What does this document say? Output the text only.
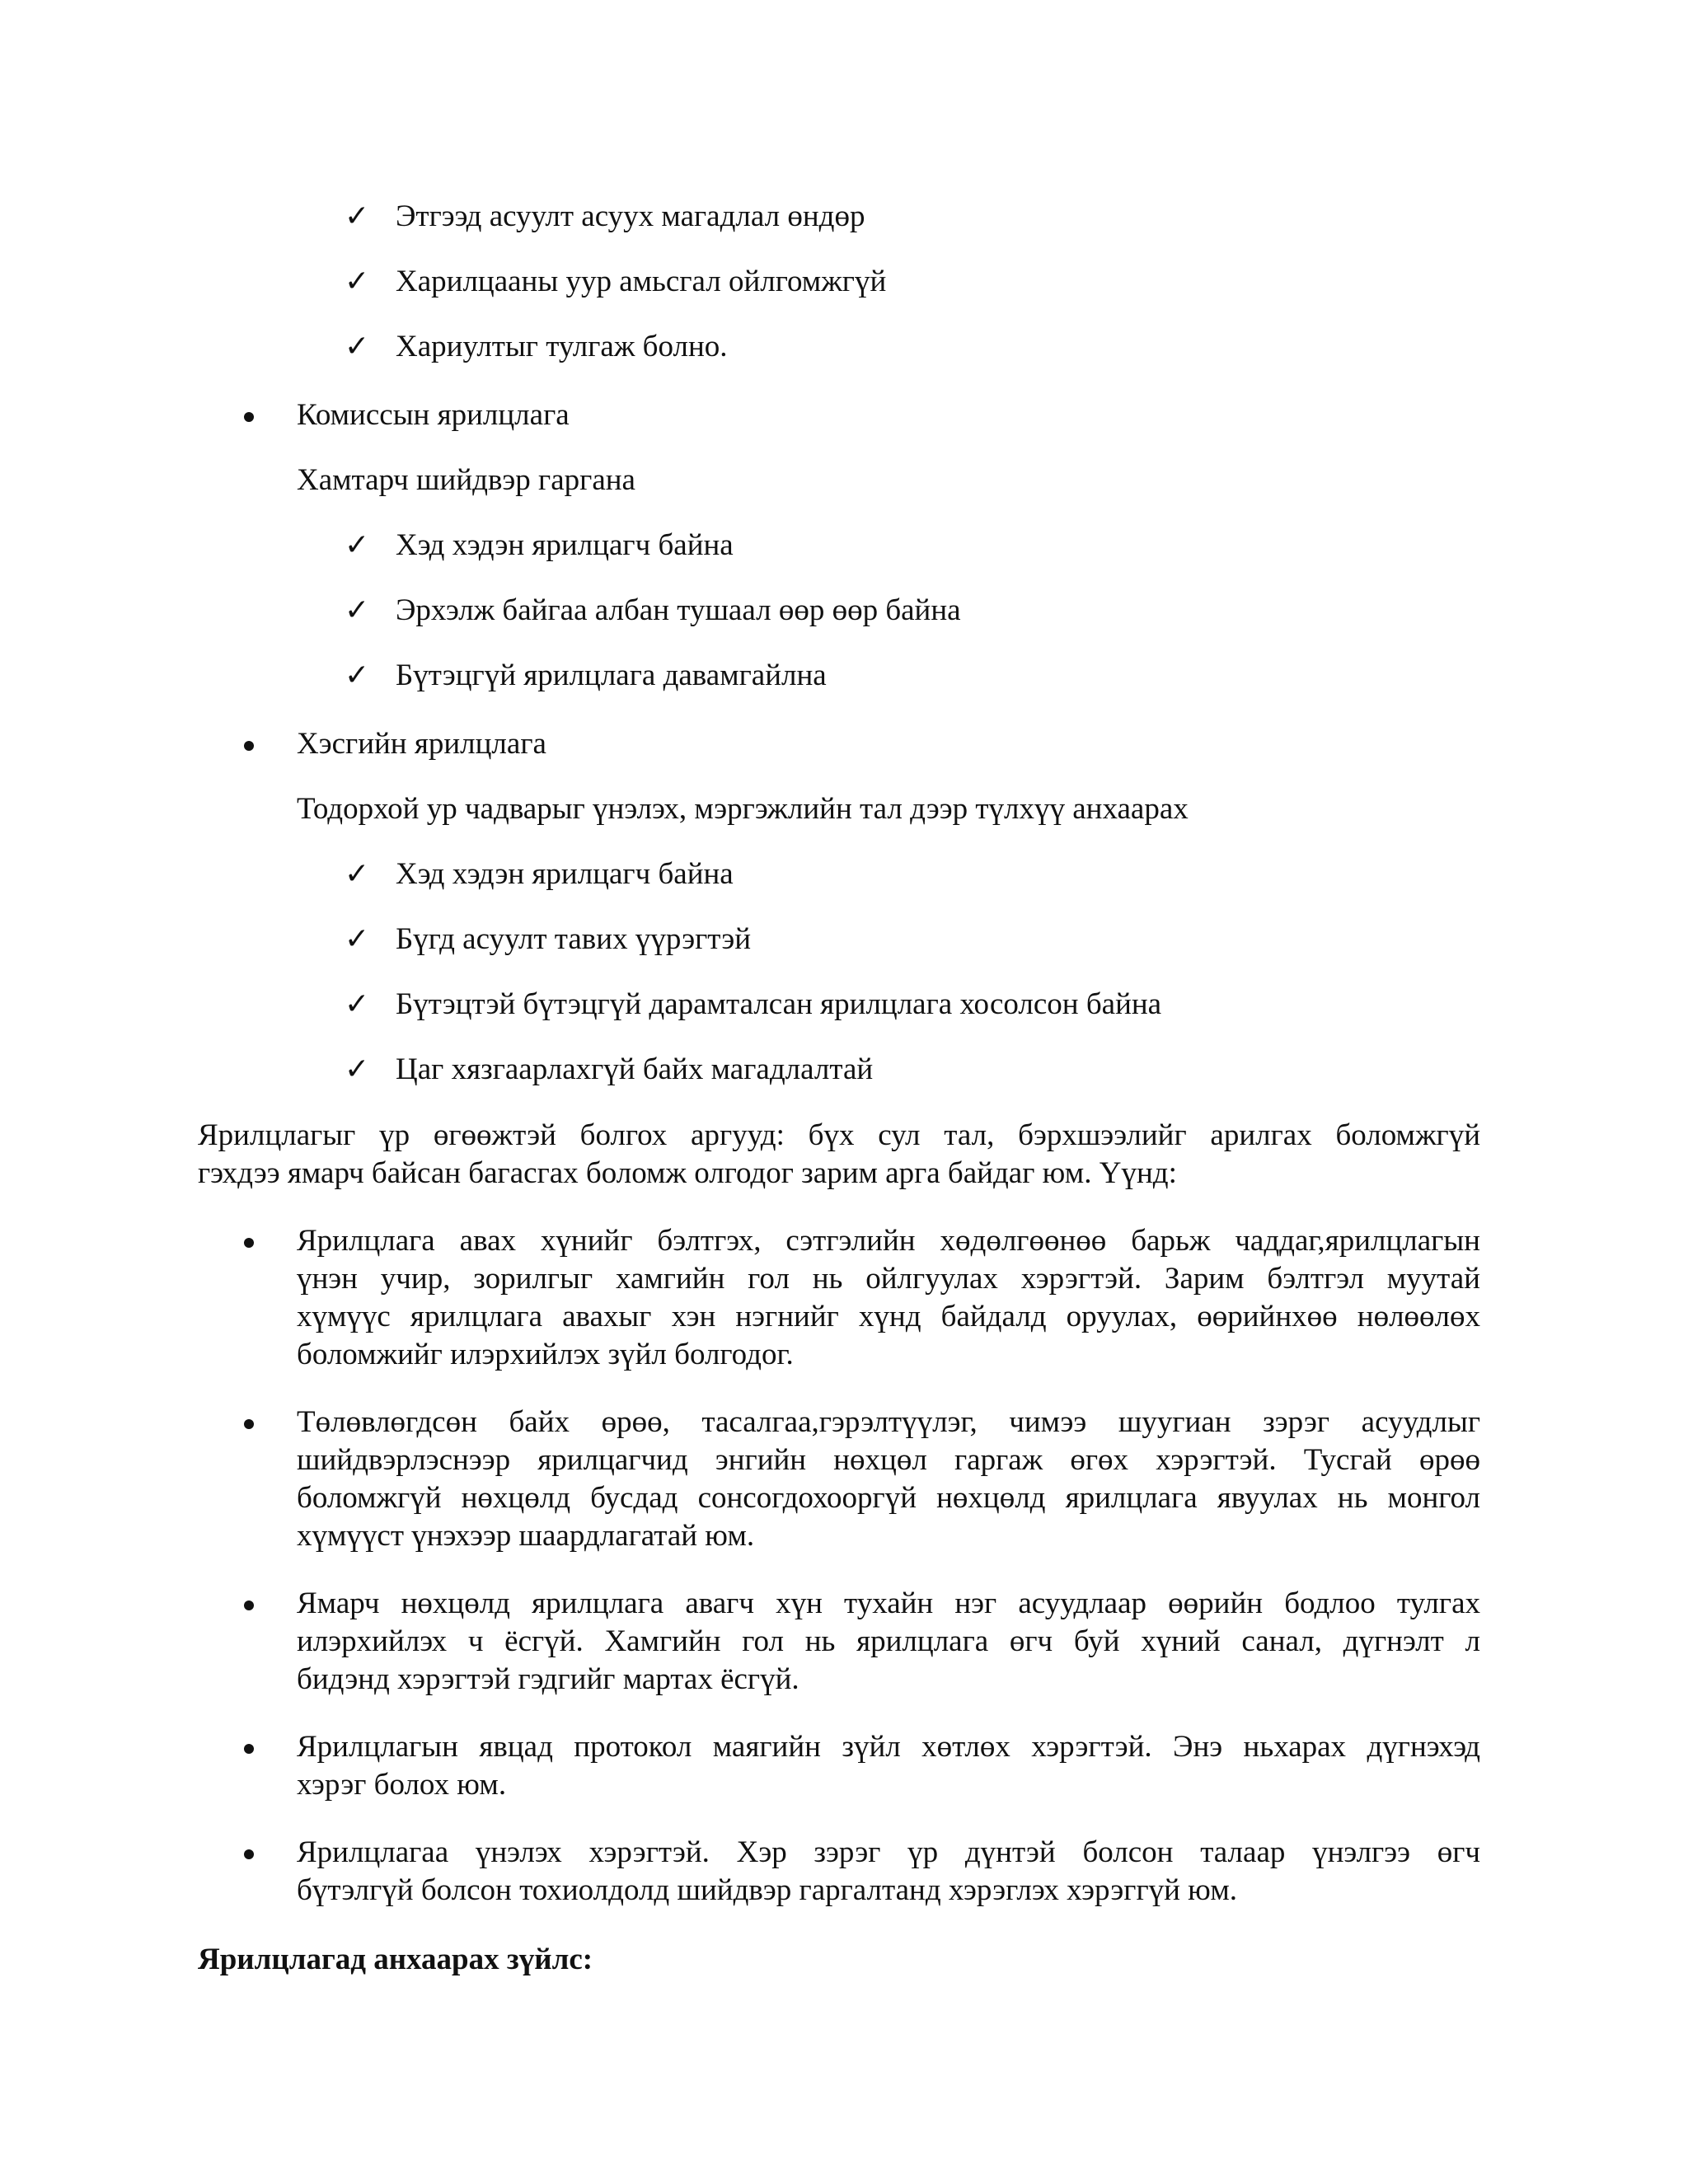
✓ Этгээд асуулт асуух магадлал өндөр
✓ Харилцааны уур амьсгал ойлгомжгүй
✓ Хариултыг тулгаж болно.
Комиссын ярилцлага
Хамтарч шийдвэр гаргана
✓ Хэд хэдэн ярилцагч байна
✓ Эрхэлж байгаа албан тушаал өөр өөр байна
✓ Бүтэцгүй ярилцлага давамгайлна
Хэсгийн ярилцлага
Тодорхой ур чадварыг үнэлэх, мэргэжлийн тал дээр түлхүү анхаарах
✓ Хэд хэдэн ярилцагч байна
✓ Бүгд асуулт тавих үүрэгтэй
✓ Бүтэцтэй бүтэцгүй дарамталсан ярилцлага хосолсон байна
✓ Цаг хязгаарлахгүй байх магадлалтай
Ярилцлагыг үр өгөөжтэй болгох аргууд: бүх сул тал, бэрхшээлийг арилгах боломжгүй
гэхдээ ямарч байсан багасгах боломж олгодог зарим арга байдаг юм. Үүнд:
Ярилцлага авах хүнийг бэлтгэх, сэтгэлийн хөдөлгөөнөө барьж чаддаг,ярилцлагын
үнэн учир, зорилгыг хамгийн гол нь ойлгуулах хэрэгтэй. Зарим бэлтгэл муутай
хүмүүс ярилцлага авахыг хэн нэгнийг хүнд байдалд оруулах, өөрийнхөө нөлөөлөх
боломжийг илэрхийлэх зүйл болгодог.
Төлөвлөгдсөн байх өрөө, тасалгаа,гэрэлтүүлэг, чимээ шуугиан зэрэг асуудлыг
шийдвэрлэснээр ярилцагчид энгийн нөхцөл гаргаж өгөх хэрэгтэй. Тусгай өрөө
боломжгүй нөхцөлд бусдад сонсогдохооргүй нөхцөлд ярилцлага явуулах нь монгол
хүмүүст үнэхээр шаардлагатай юм.
Ямарч нөхцөлд ярилцлага авагч хүн тухайн нэг асуудлаар өөрийн бодлоо тулгах
илэрхийлэх ч ёсгүй. Хамгийн гол нь ярилцлага өгч буй хүний санал, дүгнэлт л
бидэнд хэрэгтэй гэдгийг мартах ёсгүй.
Ярилцлагын явцад протокол маягийн зүйл хөтлөх хэрэгтэй. Энэ ньхарах дүгнэхэд
хэрэг болох юм.
Ярилцлагаа үнэлэх хэрэгтэй. Хэр зэрэг үр дүнтэй болсон талаар үнэлгээ өгч
бүтэлгүй болсон тохиолдолд шийдвэр гаргалтанд хэрэглэх хэрэггүй юм.
Ярилцлагад анхаарах зүйлс:
